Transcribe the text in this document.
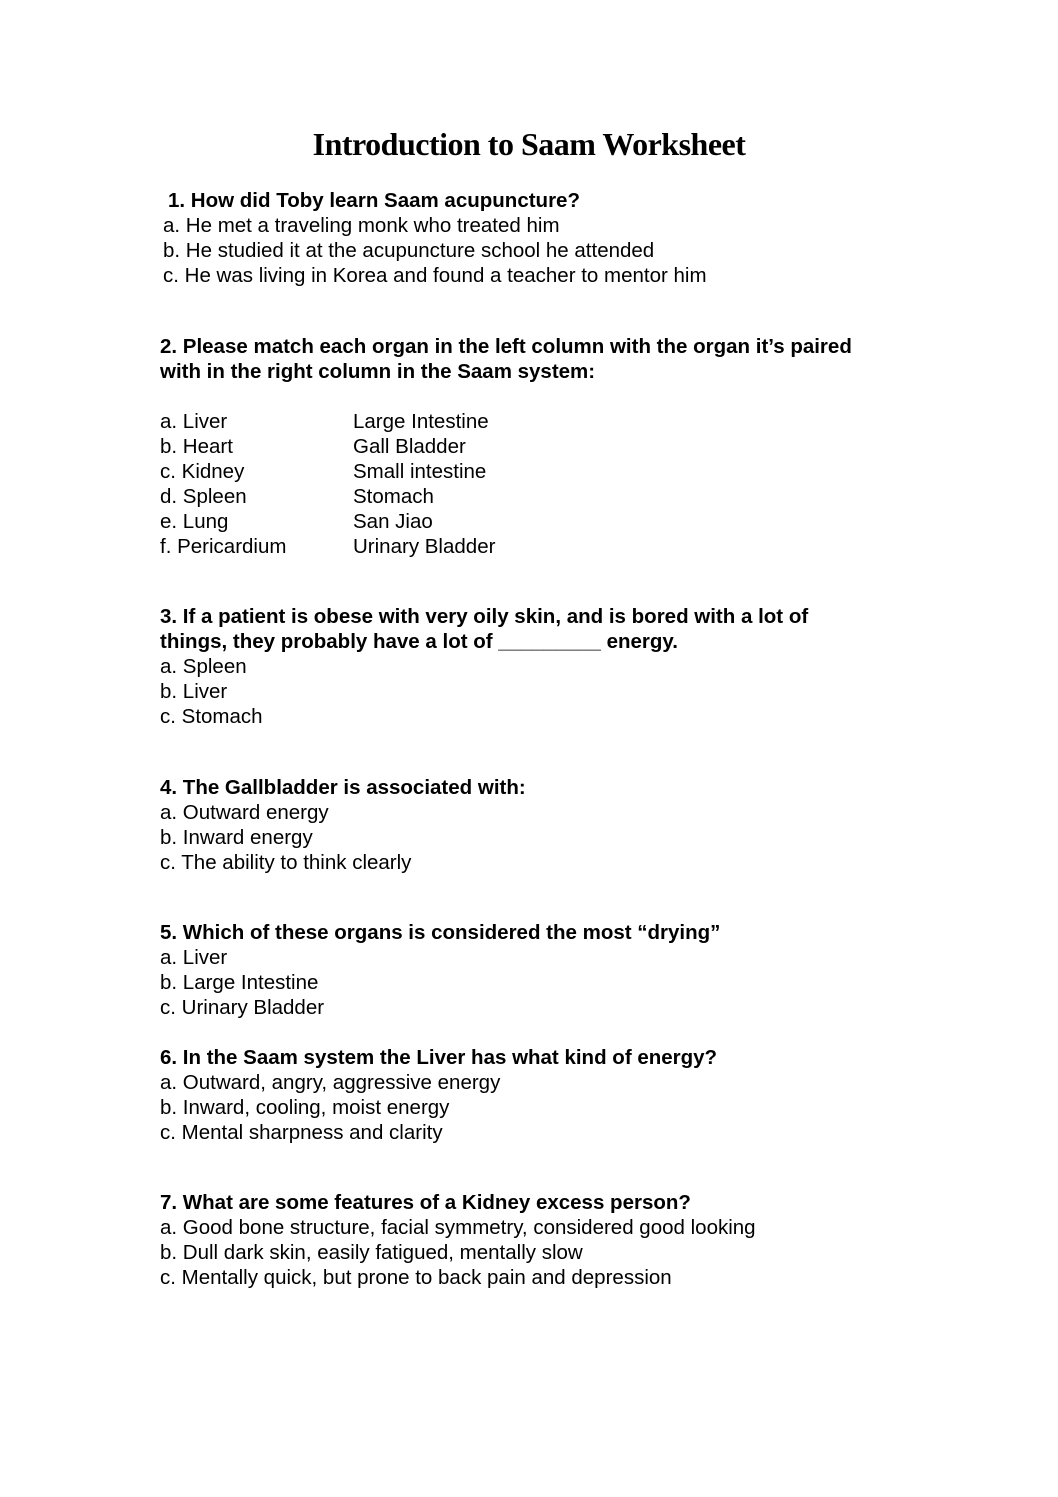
Introduction to Saam Worksheet
1. How did Toby learn Saam acupuncture?
a. He met a traveling monk who treated him
b. He studied it at the acupuncture school he attended
c. He was living in Korea and found a teacher to mentor him
2. Please match each organ in the left column with the organ it’s paired
with in the right column in the Saam system:
a. Liver	Large Intestine
b. Heart	Gall Bladder
c. Kidney	Small intestine
d. Spleen	Stomach
e. Lung	San Jiao
f. Pericardium	Urinary Bladder
3. If a patient is obese with very oily skin, and is bored with a lot of
things, they probably have a lot of _________ energy.
a. Spleen
b. Liver
c. Stomach
4. The Gallbladder is associated with:
a. Outward energy
b. Inward energy
c. The ability to think clearly
5. Which of these organs is considered the most “drying”
a. Liver
b. Large Intestine
c. Urinary Bladder
6. In the Saam system the Liver has what kind of energy?
a. Outward, angry, aggressive energy
b. Inward, cooling, moist energy
c. Mental sharpness and clarity
7. What are some features of a Kidney excess person?
a. Good bone structure, facial symmetry, considered good looking
b. Dull dark skin, easily fatigued, mentally slow
c. Mentally quick, but prone to back pain and depression
